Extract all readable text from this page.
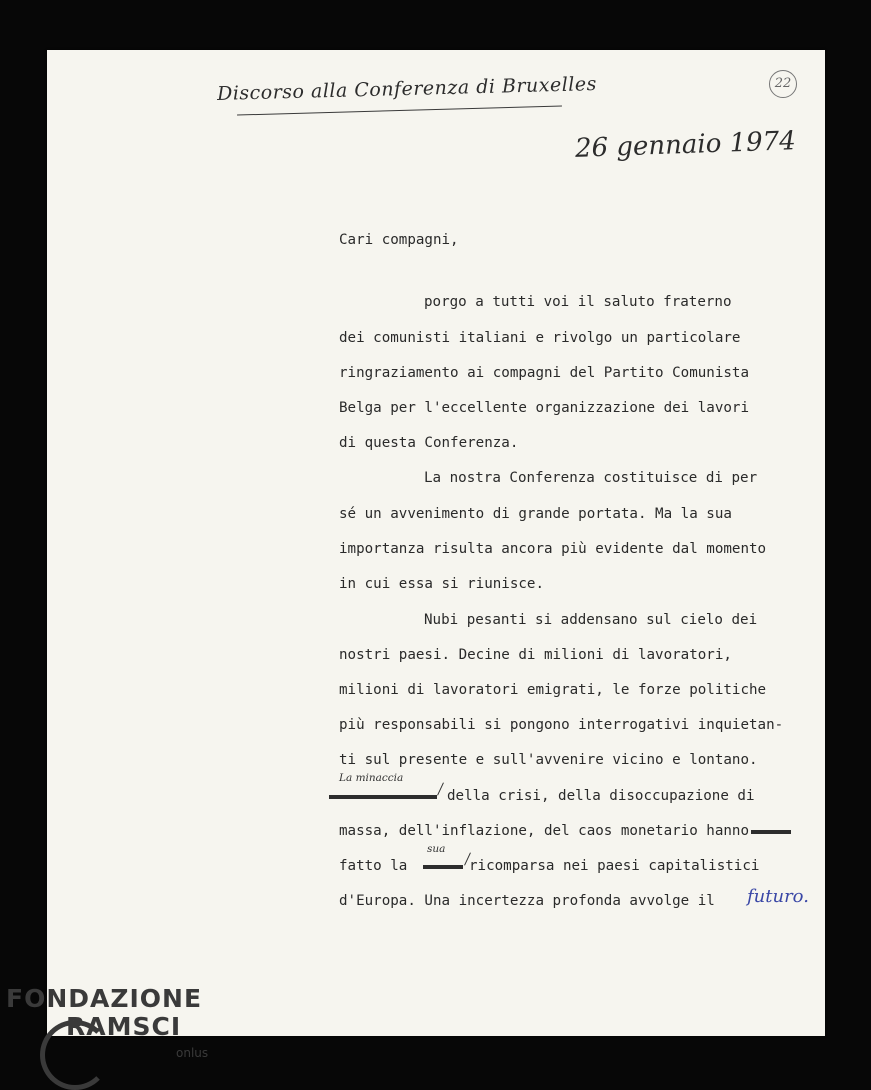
Discorso alla Conferenza di Bruxelles	22
26 gennaio 1974
Cari compagni,
porgo a tutti voi il saluto fraterno
dei comunisti italiani e rivolgo un particolare
ringraziamento ai compagni del Partito Comunista
Belga per l'eccellente organizzazione dei lavori
di questa Conferenza.
La nostra Conferenza costituisce di per
sé un avvenimento di grande portata. Ma la sua
importanza risulta ancora più evidente dal momento
in cui essa si riunisce.
Nubi pesanti si addensano sul cielo dei
nostri paesi. Decine di milioni di lavoratori,
milioni di lavoratori emigrati, le forze politiche
più responsabili si pongono interrogativi inquietan-
ti sul presente e sull'avvenire vicino e lontano.
La minaccia
della crisi, della disoccupazione di
massa, dell'inflazione, del caos monetario hanno
sua
fatto la	ricomparsa nei paesi capitalistici
d'Europa. Una incertezza profonda avvolge il futuro.
FONDAZIONE
RAMSCI
onlus
